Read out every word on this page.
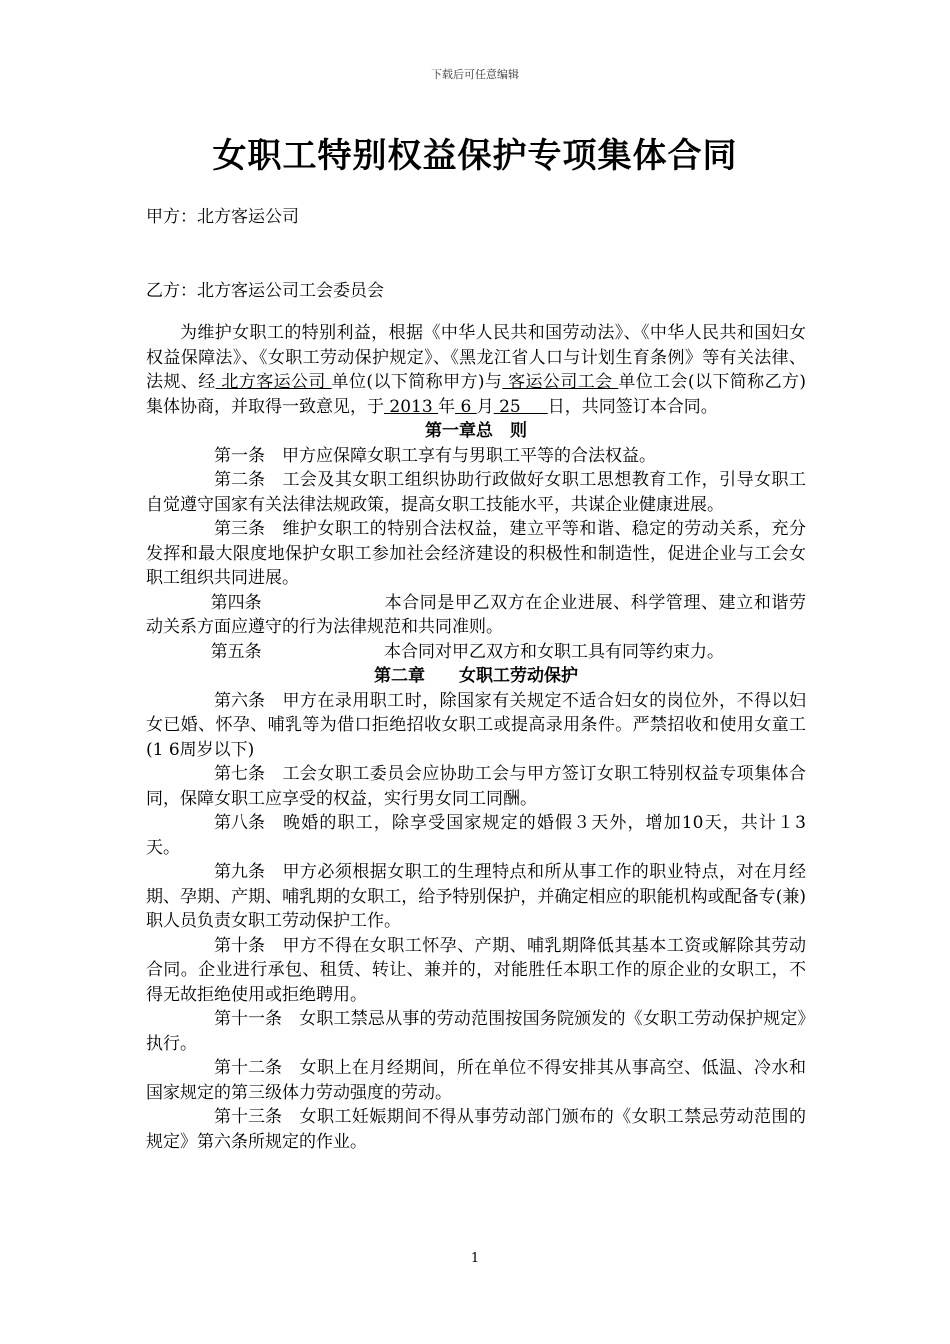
下载后可任意编辑
女职工特别权益保护专项集体合同
甲方：北方客运公司
乙方：北方客运公司工会委员会

为维护女职工的特别利益，根据《中华人民共和国劳动法》、《中华人民共和国妇女权益保障法》、《女职工劳动保护规定》、《黑龙江省人口与计划生育条例》等有关法律、法规、经 北方客运公司 单位(以下简称甲方)与 客运公司工会 单位工会(以下简称乙方)集体协商，并取得一致意见，于 2013 年 6 月 25     日，共同签订本合同。

第一章总 则

第一条 甲方应保障女职工享有与男职工平等的合法权益。

第二条 工会及其女职工组织协助行政做好女职工思想教育工作，引导女职工自觉遵守国家有关法律法规政策，提高女职工技能水平，共谋企业健康进展。

第三条 维护女职工的特别合法权益，建立平等和谐、稳定的劳动关系，充分发挥和最大限度地保护女职工参加社会经济建设的积极性和制造性，促进企业与工会女职工组织共同进展。

第四条	本合同是甲乙双方在企业进展、科学管理、建立和谐劳动关系方面应遵守的行为法律规范和共同准则。

第五条	本合同对甲乙双方和女职工具有同等约束力。

第二章 女职工劳动保护

第六条 甲方在录用职工时，除国家有关规定不适合妇女的岗位外，不得以妇女已婚、怀孕、哺乳等为借口拒绝招收女职工或提高录用条件。严禁招收和使用女童工(1 6周岁以下)

第七条 工会女职工委员会应协助工会与甲方签订女职工特别权益专项集体合同，保障女职工应享受的权益，实行男女同工同酬。

第八条 晚婚的职工，除享受国家规定的婚假３天外，增加10天，共计１3天。

第九条 甲方必须根据女职工的生理特点和所从事工作的职业特点，对在月经期、孕期、产期、哺乳期的女职工，给予特别保护，并确定相应的职能机构或配备专(兼)职人员负责女职工劳动保护工作。

第十条 甲方不得在女职工怀孕、产期、哺乳期降低其基本工资或解除其劳动合同。企业进行承包、租赁、转让、兼并的，对能胜任本职工作的原企业的女职工，不得无故拒绝使用或拒绝聘用。

第十一条 女职工禁忌从事的劳动范围按国务院颁发的《女职工劳动保护规定》执行。

第十二条 女职上在月经期间，所在单位不得安排其从事高空、低温、冷水和国家规定的第三级体力劳动强度的劳动。

第十三条 女职工妊娠期间不得从事劳动部门颁布的《女职工禁忌劳动范围的规定》第六条所规定的作业。

1
